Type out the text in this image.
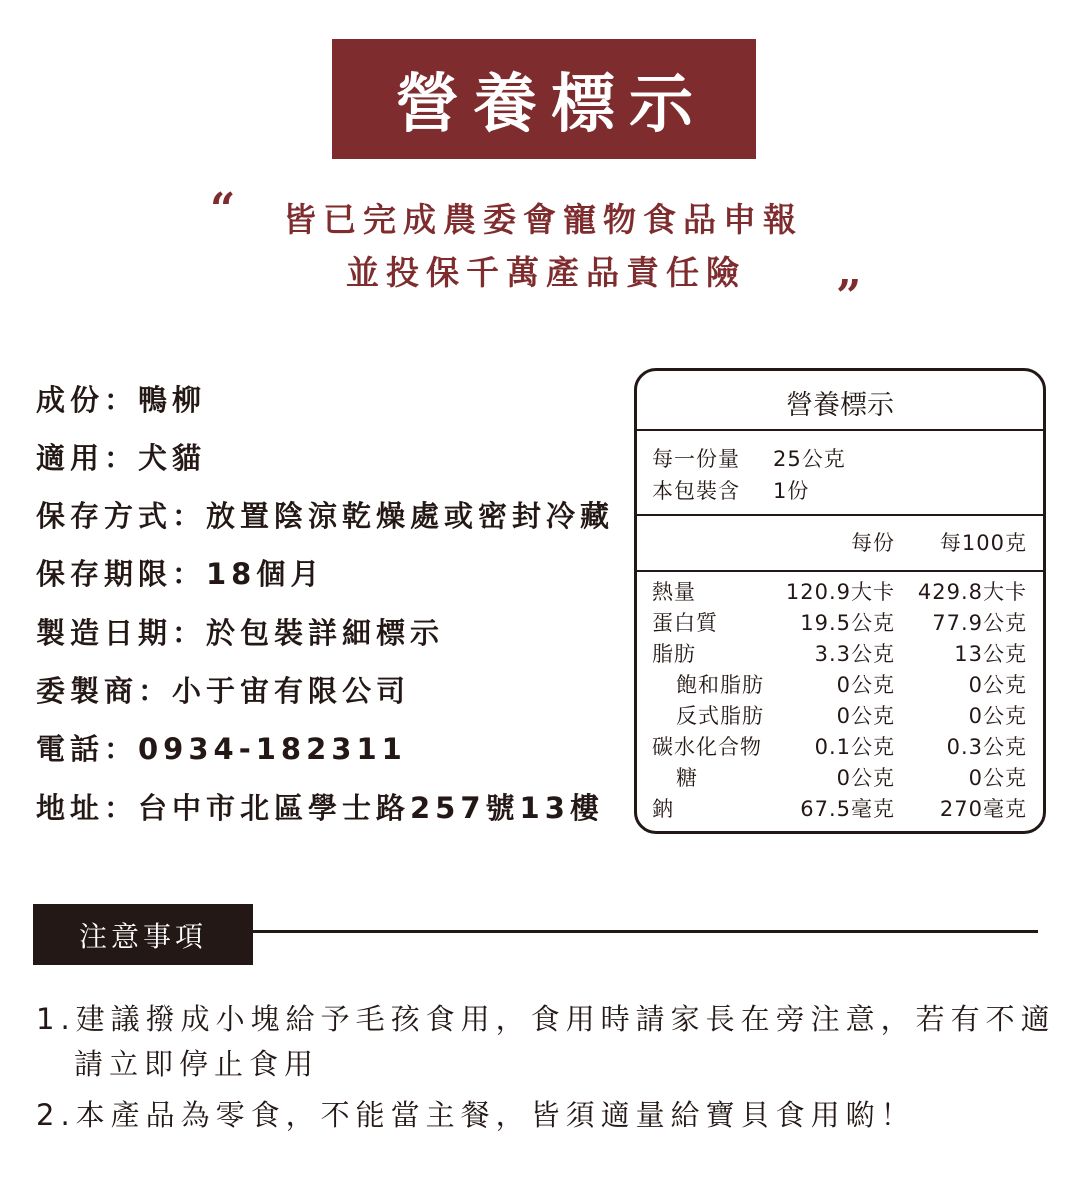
營養標示
“ 皆已完成農委會寵物食品申報
並投保千萬產品責任險 ”
成份：鴨柳
適用：犬貓
保存方式：放置陰涼乾燥處或密封冷藏
保存期限：18個月
製造日期：於包裝詳細標示
委製商：小于宙有限公司
電話：0934-182311
地址：台中市北區學士路257號13樓
營養標示
每一份量 25公克
本包裝含 1份
每份 每100克
熱量	120.9大卡 429.8大卡
蛋白質	19.5公克 77.9公克
脂肪	3.3公克	13公克
飽和脂肪	0公克	0公克
反式脂肪	0公克	0公克
碳水化合物	0.1公克 0.3公克
糖	0公克	0公克
鈉	67.5毫克 270毫克
注意事項
1.建議撥成小塊給予毛孩食用，食用時請家長在旁注意，若有不適
請立即停止食用
2.本產品為零食，不能當主餐，皆須適量給寶貝食用喲！
